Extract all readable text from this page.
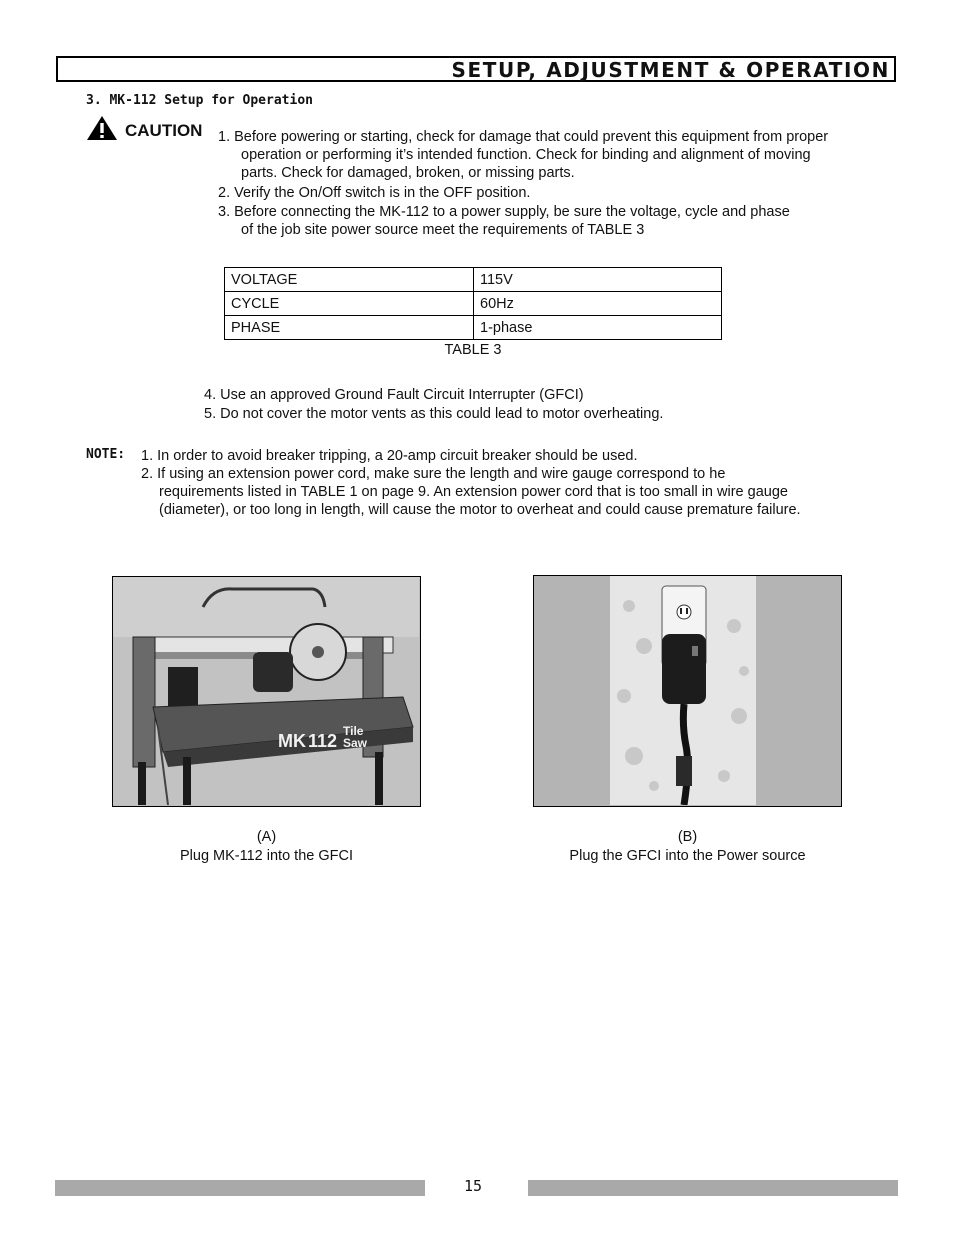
SETUP, ADJUSTMENT & OPERATION
3. MK-112 Setup for Operation
CAUTION 1. Before powering or starting, check for damage that could prevent this equipment from proper
operation or performing it’s intended function. Check for binding and alignment of moving
parts. Check for damaged, broken, or missing parts.
2. Verify the On/Off switch is in the OFF position.
3. Before connecting the MK-112 to a power supply, be sure the voltage, cycle and phase
of the job site power source meet the requirements of TABLE 3
VOLTAGE	115V
CYCLE	60Hz
PHASE	1-phase
TABLE 3
4. Use an approved Ground Fault Circuit Interrupter (GFCI)
5. Do not cover the motor vents as this could lead to motor overheating.
NOTE: 1. In order to avoid breaker tripping, a 20-amp circuit breaker should be used.
2. If using an extension power cord, make sure the length and wire gauge correspond to he
requirements listed in TABLE 1 on page 9. An extension power cord that is too small in wire gauge
(diameter), or too long in length, will cause the motor to overheat and could cause premature failure.
MK 112 Tile
Saw
(A)
Plug MK-112 into the GFCI
(B)
Plug the GFCI into the Power source
15
